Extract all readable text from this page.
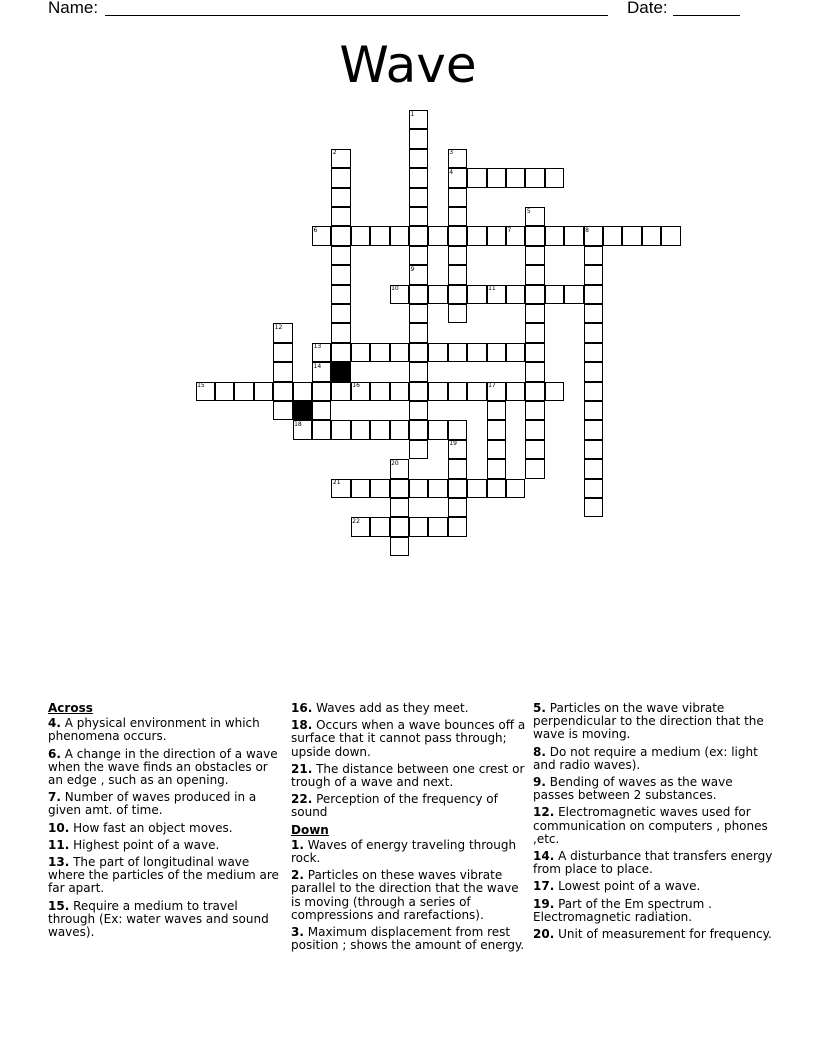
Name:	Date:
Wave
1
2	3
4
5
6	7	8
9
10	11
12
13
14
15	16	17
18
19
20
21
22
Across
4. A physical environment in which phenomena occurs.
6. A change in the direction of a wave when the wave finds an obstacles or an edge , such as an opening.
7. Number of waves produced in a given amt. of time.
10. How fast an object moves.
11. Highest point of a wave.
13. The part of longitudinal wave where the particles of the medium are far apart.
15. Require a medium to travel through (Ex: water waves and sound waves).
16. Waves add as they meet.
18. Occurs when a wave bounces off a surface that it cannot pass through; upside down.
21. The distance between one crest or trough of a wave and next.
22. Perception of the frequency of sound
Down
1. Waves of energy traveling through rock.
2. Particles on these waves vibrate parallel to the direction that the wave is moving (through a series of compressions and rarefactions).
3. Maximum displacement from rest position ; shows the amount of energy.
5. Particles on the wave vibrate perpendicular to the direction that the wave is moving.
8. Do not require a medium (ex: light and radio waves).
9. Bending of waves as the wave passes between 2 substances.
12. Electromagnetic waves used for communication on computers , phones ,etc.
14. A disturbance that transfers energy from place to place.
17. Lowest point of a wave.
19. Part of the Em spectrum . Electromagnetic radiation.
20. Unit of measurement for frequency.
